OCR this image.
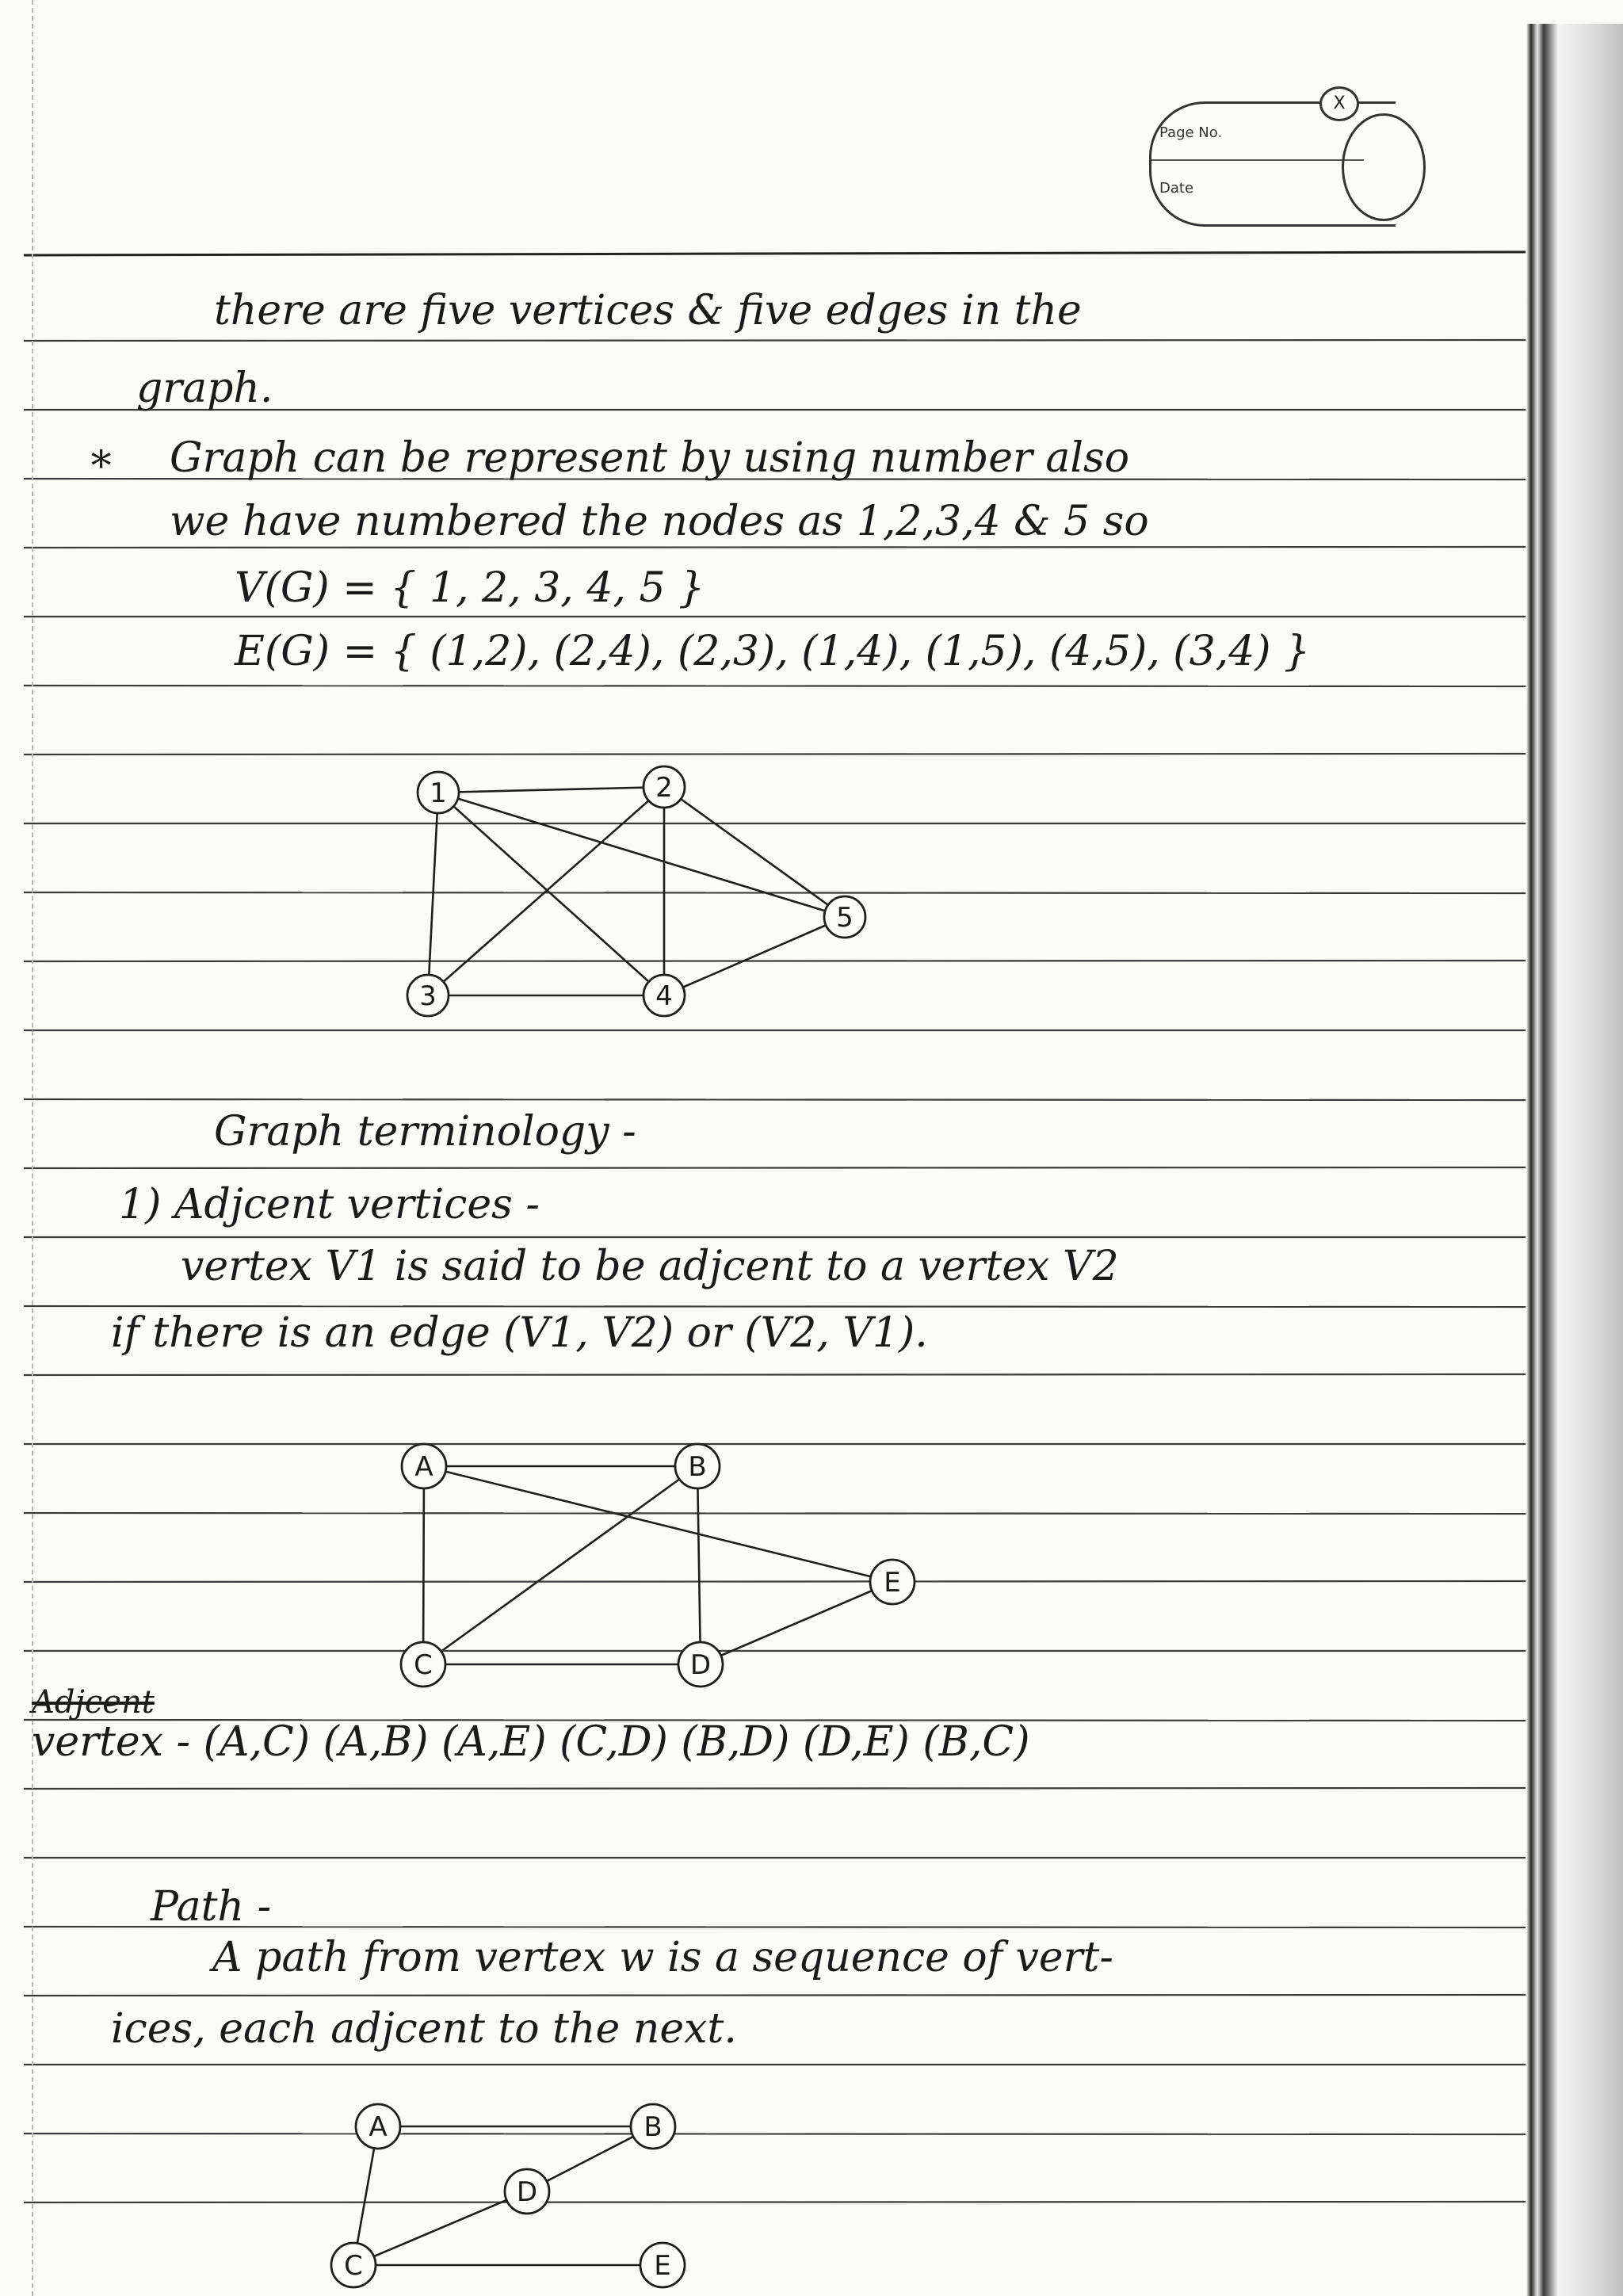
X
Page No.
Date
there are five vertices & five edges in the
graph.
∗ Graph can be represent by using number also
we have numbered the nodes as 1,2,3,4 & 5 so
V(G) = { 1, 2, 3, 4, 5 }
E(G) = { (1,2), (2,4), (2,3), (1,4), (1,5), (4,5), (3,4) }
1	2
3	4
5
A	B
C	D
E
A	B
D
C	E
Graph terminology -
1) Adjcent vertices -
vertex V1 is said to be adjcent to a vertex V2
if there is an edge (V1, V2) or (V2, V1).
Adjcent
vertex - (A,C) (A,B) (A,E) (C,D) (B,D) (D,E) (B,C)
Path -
A path from vertex w is a sequence of vert-
ices, each adjcent to the next.
